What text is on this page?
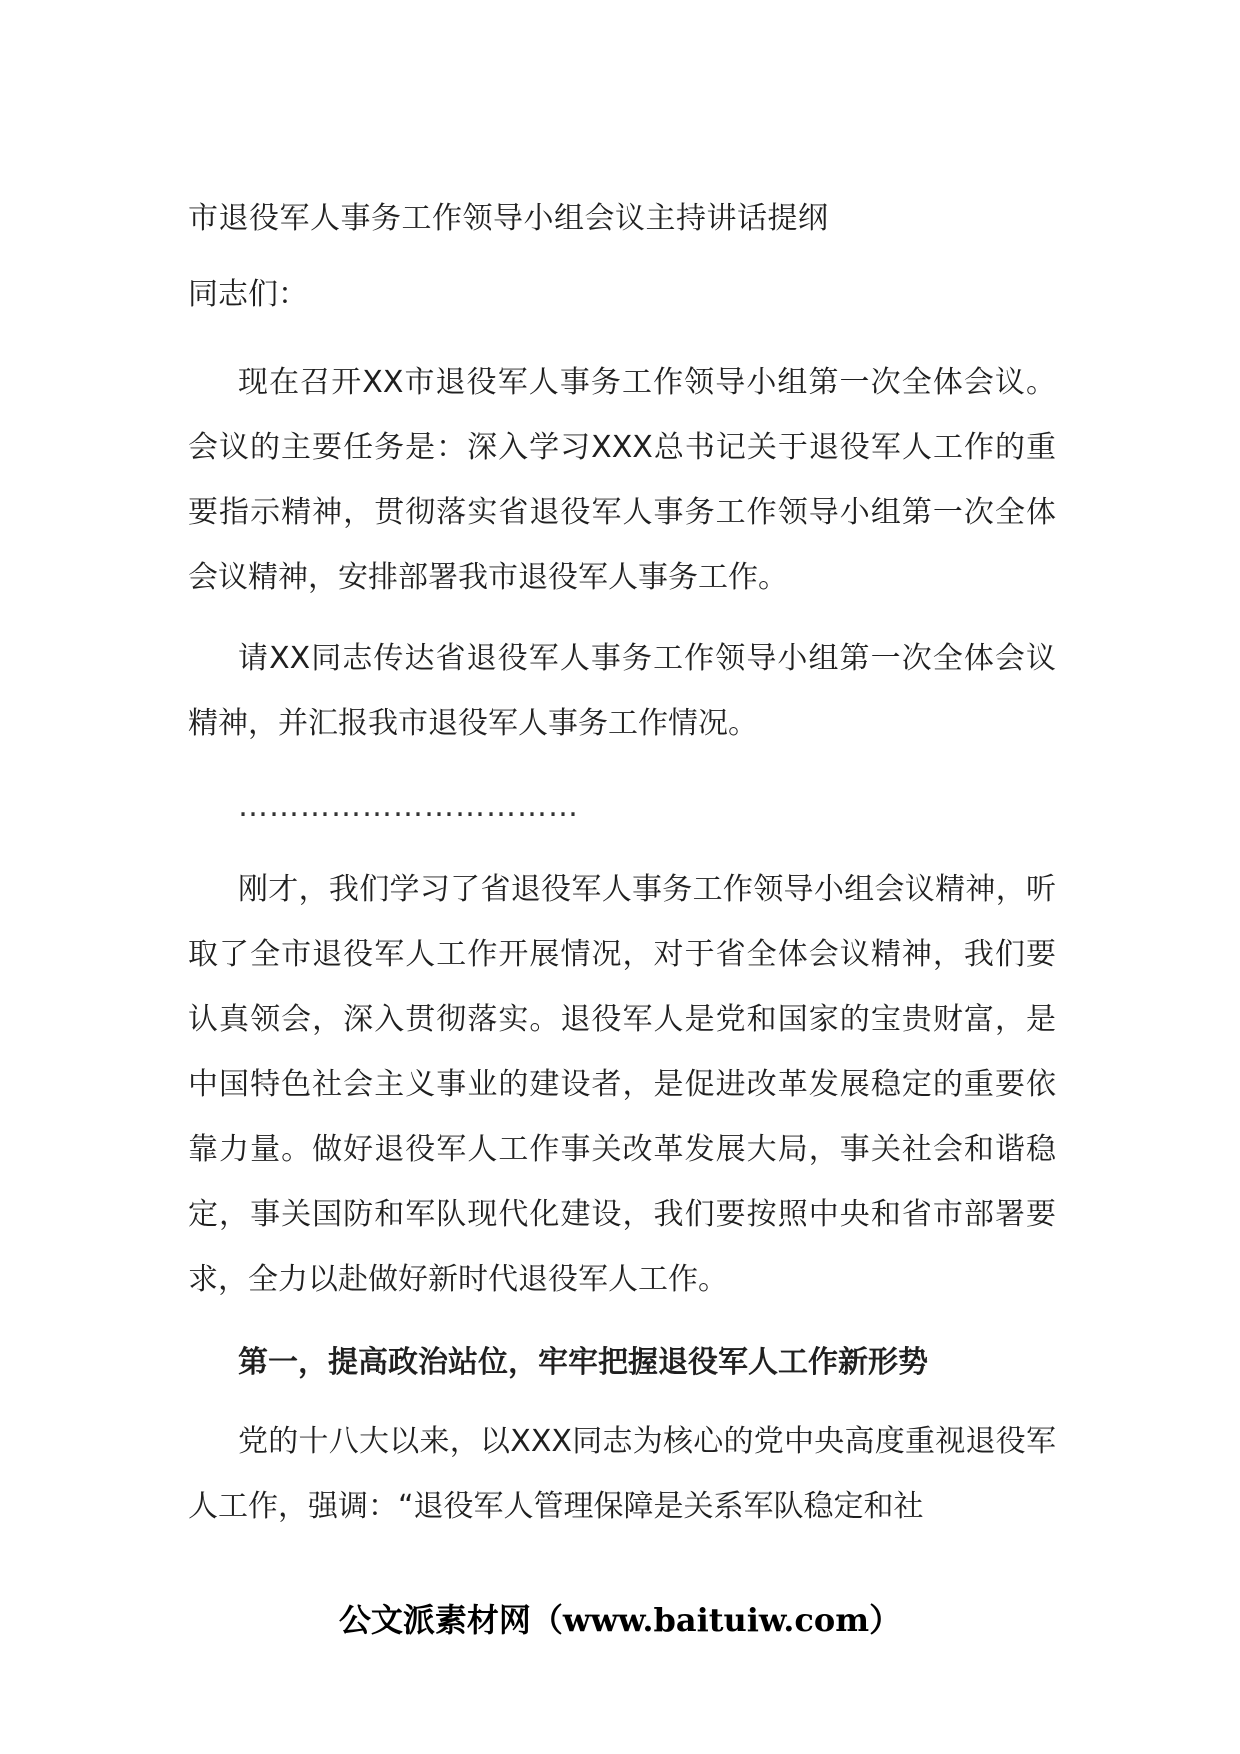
市退役军人事务工作领导小组会议主持讲话提纲

同志们：

现在召开XX市退役军人事务工作领导小组第一次全体会议。会议的主要任务是：深入学习XXX总书记关于退役军人工作的重要指示精神，贯彻落实省退役军人事务工作领导小组第一次全体会议精神，安排部署我市退役军人事务工作。

请XX同志传达省退役军人事务工作领导小组第一次全体会议精神，并汇报我市退役军人事务工作情况。

……………………………

刚才，我们学习了省退役军人事务工作领导小组会议精神，听取了全市退役军人工作开展情况，对于省全体会议精神，我们要认真领会，深入贯彻落实。退役军人是党和国家的宝贵财富，是中国特色社会主义事业的建设者，是促进改革发展稳定的重要依靠力量。做好退役军人工作事关改革发展大局，事关社会和谐稳定，事关国防和军队现代化建设，我们要按照中央和省市部署要求，全力以赴做好新时代退役军人工作。

第一，提高政治站位，牢牢把握退役军人工作新形势

党的十八大以来，以XXX同志为核心的党中央高度重视退役军人工作，强调：“退役军人管理保障是关系军队稳定和社

公文派素材网（www.baituiw.com）
